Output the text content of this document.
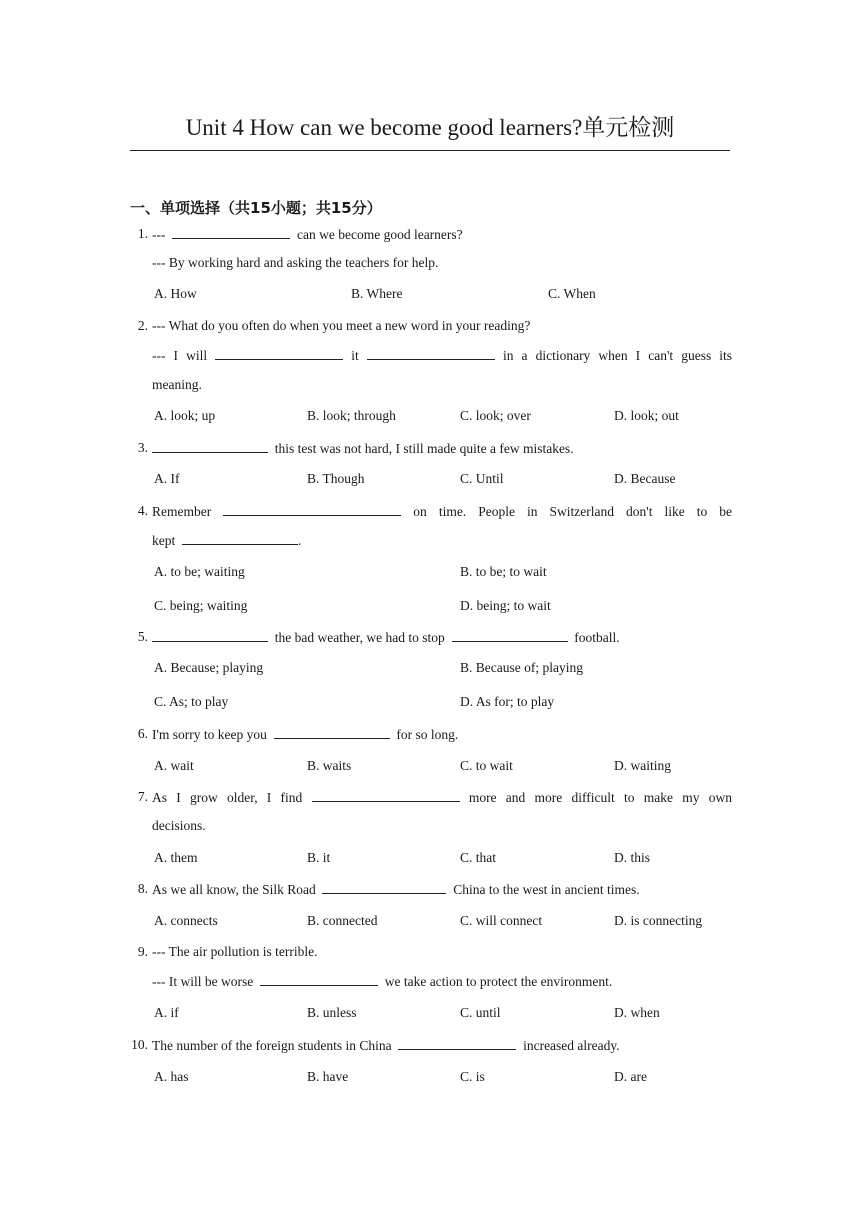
Unit 4 How can we become good learners?单元检测
一、单项选择（共15小题；共15分）
1. ---	can we become good learners?
--- By working hard and asking the teachers for help.
A. How	B. Where	C. When
2. --- What do you often do when you meet a new word in your reading?
--- I will	it	in a dictionary when I can't guess its
meaning.
A. look; up	B. look; through	C. look; over	D. look; out
3.	this test was not hard, I still made quite a few mistakes.
A. If	B. Though	C. Until	D. Because
4. Remember	on time. People in Switzerland don't like to be
kept	.
A. to be; waiting	B. to be; to wait
C. being; waiting	D. being; to wait
5.	the bad weather, we had to stop	football.
A. Because; playing	B. Because of; playing
C. As; to play	D. As for; to play
6. I'm sorry to keep you	for so long.
A. wait	B. waits	C. to wait	D. waiting
7. As I grow older, I find	more and more difficult to make my own
decisions.
A. them	B. it	C. that	D. this
8. As we all know, the Silk Road	China to the west in ancient times.
A. connects	B. connected	C. will connect	D. is connecting
9. --- The air pollution is terrible.
--- It will be worse	we take action to protect the environment.
A. if	B. unless	C. until	D. when
10. The number of the foreign students in China	increased already.
A. has	B. have	C. is	D. are
